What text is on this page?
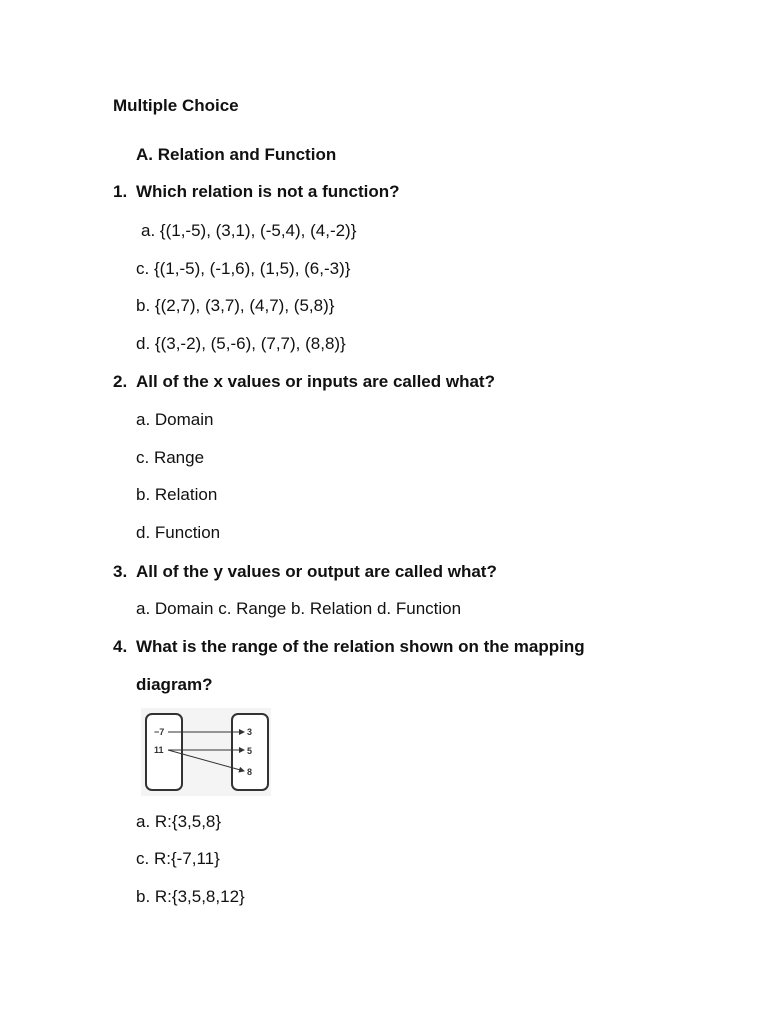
Multiple Choice
A. Relation and Function
1. Which relation is not a function?
a. {(1,-5), (3,1), (-5,4), (4,-2)}
c. {(1,-5), (-1,6), (1,5), (6,-3)}
b. {(2,7), (3,7), (4,7), (5,8)}
d. {(3,-2), (5,-6), (7,7), (8,8)}
2. All of the x values or inputs are called what?
a. Domain
c. Range
b. Relation
d. Function
3. All of the y values or output are called what?
a. Domain c. Range b. Relation d. Function
4. What is the range of the relation shown on the mapping
diagram?
−7
11
3
5
8
a. R:{3,5,8}
c. R:{-7,11}
b. R:{3,5,8,12}
